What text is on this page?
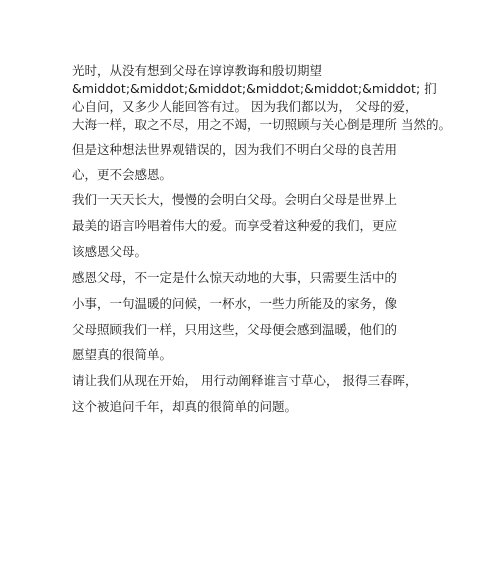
光时，从没有想到父母在谆谆教诲和殷切期望
&middot;&middot;&middot;&middot;&middot;&middot; 扪
心自问，又多少人能回答有过。 因为我们都以为， 父母的爱，
大海一样，取之不尽，用之不竭，一切照顾与关心倒是理所 当然的。
但是这种想法世界观错误的，因为我们不明白父母的良苦用
心，更不会感恩。
我们一天天长大，慢慢的会明白父母。会明白父母是世界上
最美的语言吟唱着伟大的爱。而享受着这种爱的我们，更应
该感恩父母。
感恩父母，不一定是什么惊天动地的大事，只需要生活中的
小事，一句温暖的问候，一杯水，一些力所能及的家务，像
父母照顾我们一样，只用这些，父母便会感到温暖，他们的
愿望真的很简单。
请让我们从现在开始， 用行动阐释谁言寸草心， 报得三春晖，
这个被追问千年，却真的很简单的问题。
